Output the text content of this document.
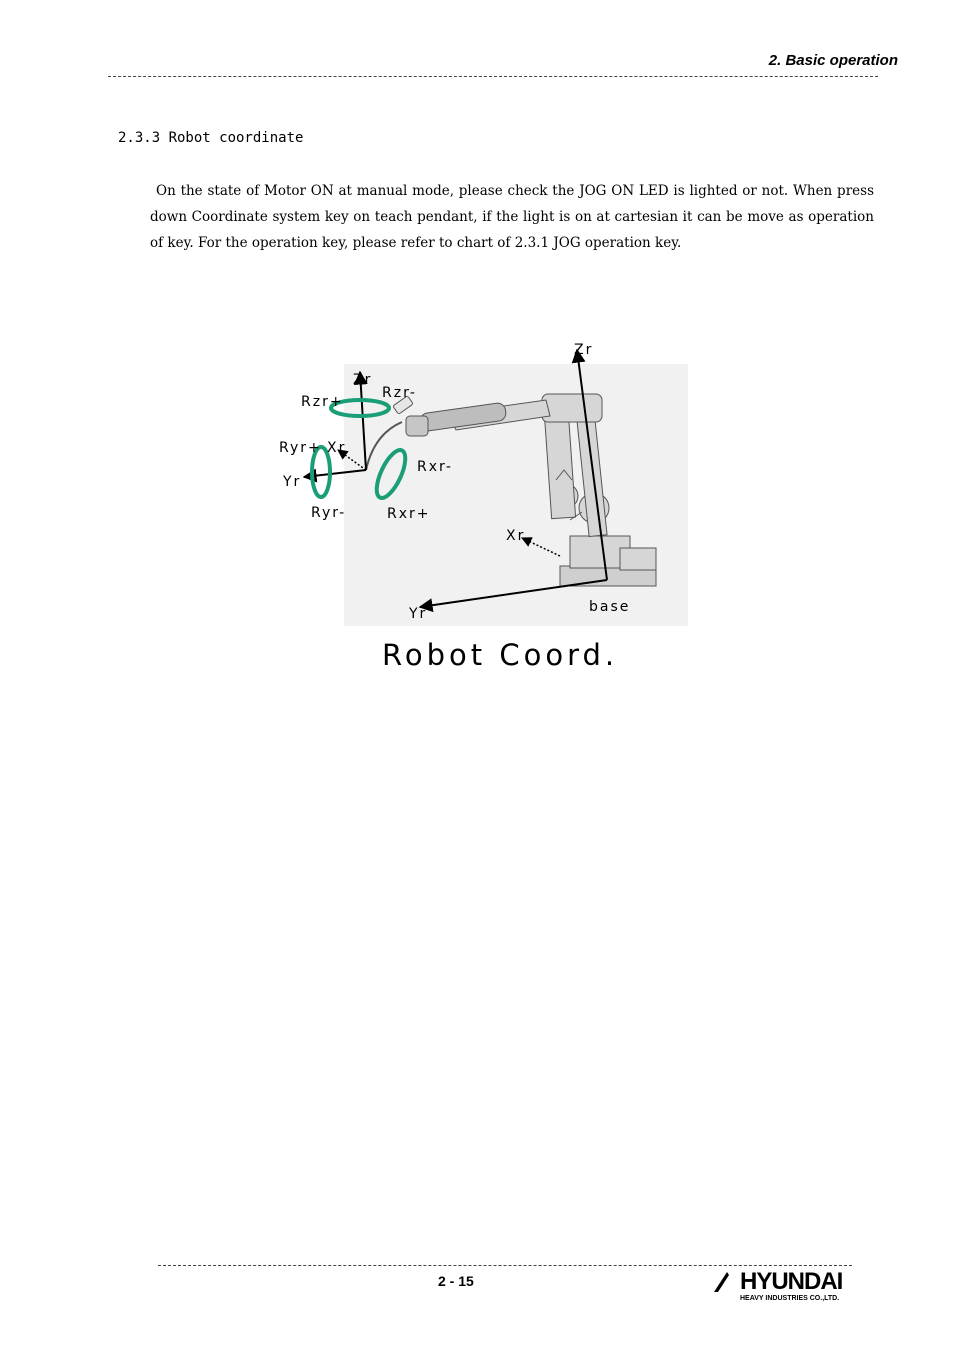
2. Basic operation
2.3.3 Robot coordinate

On the state of Motor ON at manual mode, please check the JOG ON LED is lighted or not. When press down Coordinate system key on teach pendant, if the light is on at cartesian it can be move as operation of key. For the operation key, please refer to chart of 2.3.1 JOG operation key.

Zr
Zr
Rzr+
Rzr-
Ryr+ Xr
Yr
Rxr-
Ryr-	Rxr+
Xr
Yr	base
Robot Coord.
2 - 15	HYUNDAI
HEAVY INDUSTRIES CO.,LTD.
